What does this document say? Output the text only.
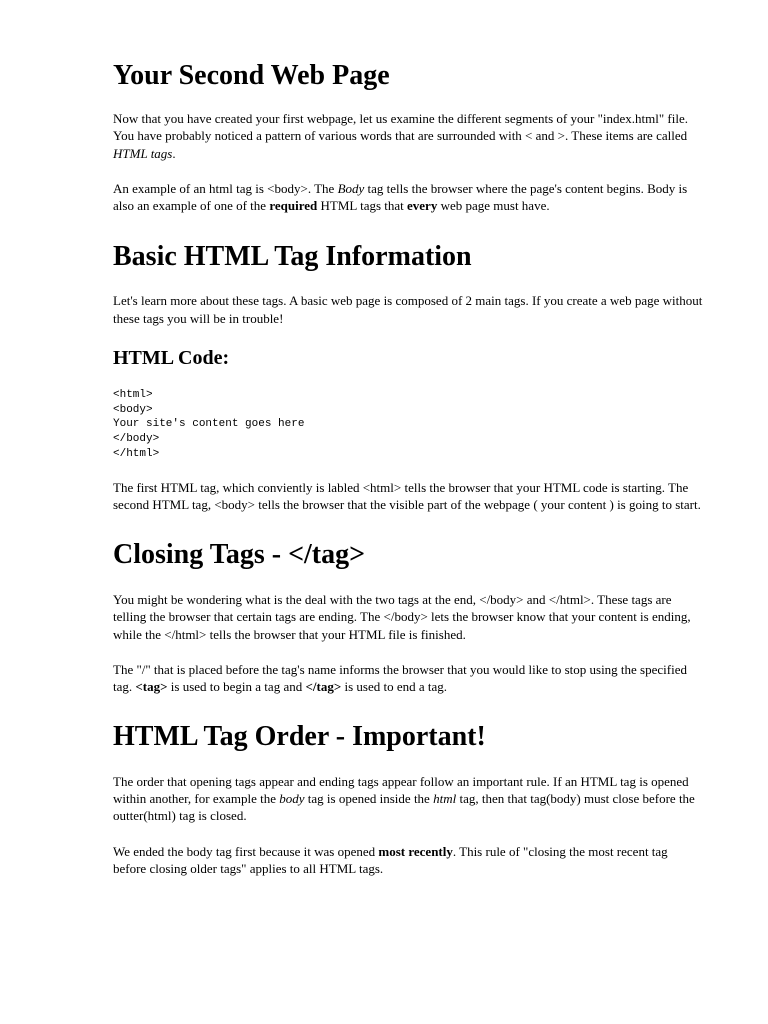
Your Second Web Page

Now that you have created your first webpage, let us examine the different segments of your "index.html" file. You have probably noticed a pattern of various words that are surrounded with < and >. These items are called HTML tags.

An example of an html tag is <body>. The Body tag tells the browser where the page's content begins. Body is also an example of one of the required HTML tags that every web page must have.

Basic HTML Tag Information

Let's learn more about these tags. A basic web page is composed of 2 main tags. If you create a web page without these tags you will be in trouble!

HTML Code:
<html>
<body>
Your site's content goes here
</body>
</html>

The first HTML tag, which conviently is labled <html> tells the browser that your HTML code is starting. The second HTML tag, <body> tells the browser that the visible part of the webpage ( your content ) is going to start.

Closing Tags - </tag>

You might be wondering what is the deal with the two tags at the end, </body> and </html>. These tags are telling the browser that certain tags are ending. The </body> lets the browser know that your content is ending, while the </html> tells the browser that your HTML file is finished.

The "/" that is placed before the tag's name informs the browser that you would like to stop using the specified tag. <tag> is used to begin a tag and </tag> is used to end a tag.

HTML Tag Order - Important!

The order that opening tags appear and ending tags appear follow an important rule. If an HTML tag is opened within another, for example the body tag is opened inside the html tag, then that tag(body) must close before the outter(html) tag is closed.

We ended the body tag first because it was opened most recently. This rule of "closing the most recent tag before closing older tags" applies to all HTML tags.
